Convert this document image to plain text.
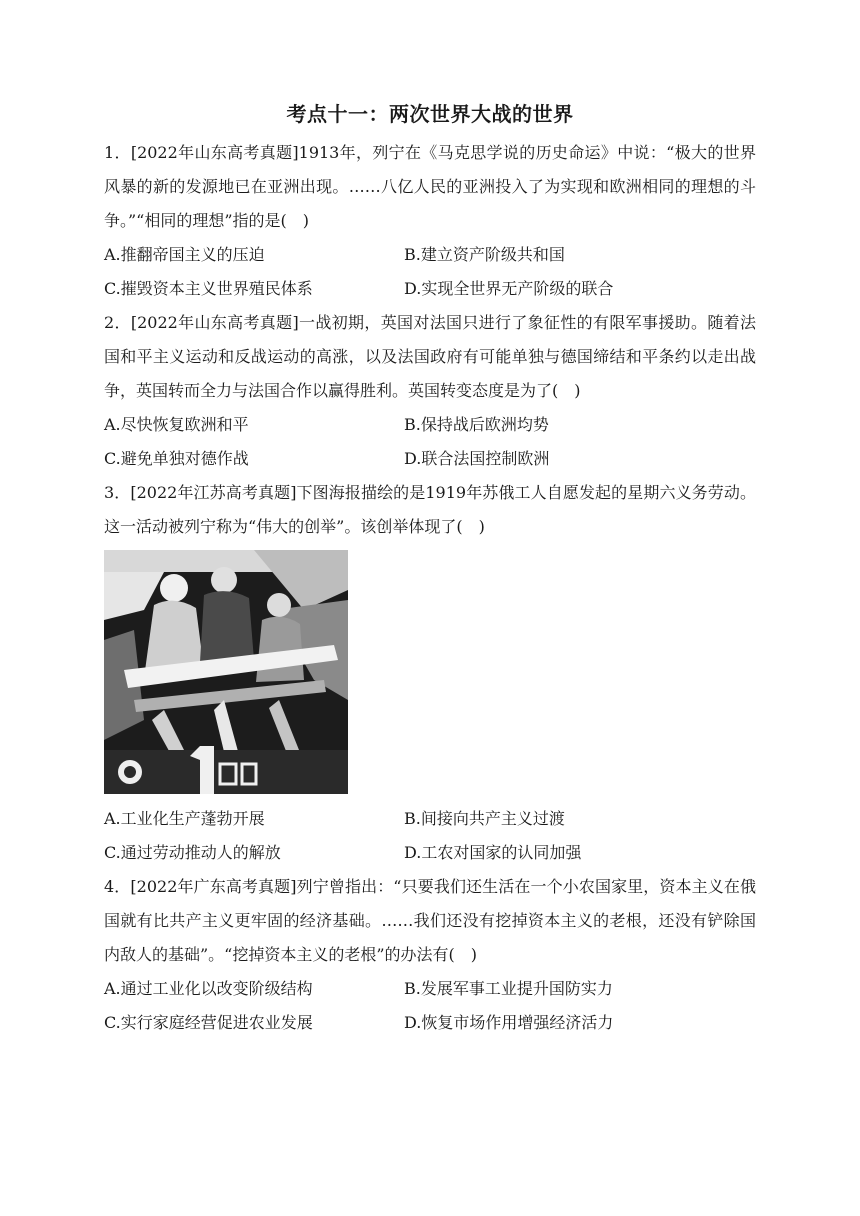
考点十一：两次世界大战的世界
1．[2022年山东高考真题]1913年，列宁在《马克思学说的历史命运》中说：“极大的世界风暴的新的发源地已在亚洲出现。……八亿人民的亚洲投入了为实现和欧洲相同的理想的斗争。”“相同的理想”指的是(　)
A.推翻帝国主义的压迫	B.建立资产阶级共和国
C.摧毁资本主义世界殖民体系	D.实现全世界无产阶级的联合
2．[2022年山东高考真题]一战初期，英国对法国只进行了象征性的有限军事援助。随着法国和平主义运动和反战运动的高涨，以及法国政府有可能单独与德国缔结和平条约以走出战争，英国转而全力与法国合作以赢得胜利。英国转变态度是为了(　)
A.尽快恢复欧洲和平	B.保持战后欧洲均势
C.避免单独对德作战	D.联合法国控制欧洲
3．[2022年江苏高考真题]下图海报描绘的是1919年苏俄工人自愿发起的星期六义务劳动。这一活动被列宁称为“伟大的创举”。该创举体现了(　)
A.工业化生产蓬勃开展	B.间接向共产主义过渡
C.通过劳动推动人的解放	D.工农对国家的认同加强
4．[2022年广东高考真题]列宁曾指出：“只要我们还生活在一个小农国家里，资本主义在俄国就有比共产主义更牢固的经济基础。……我们还没有挖掉资本主义的老根，还没有铲除国内敌人的基础”。“挖掉资本主义的老根”的办法有(　)
A.通过工业化以改变阶级结构	B.发展军事工业提升国防实力
C.实行家庭经营促进农业发展	D.恢复市场作用增强经济活力
